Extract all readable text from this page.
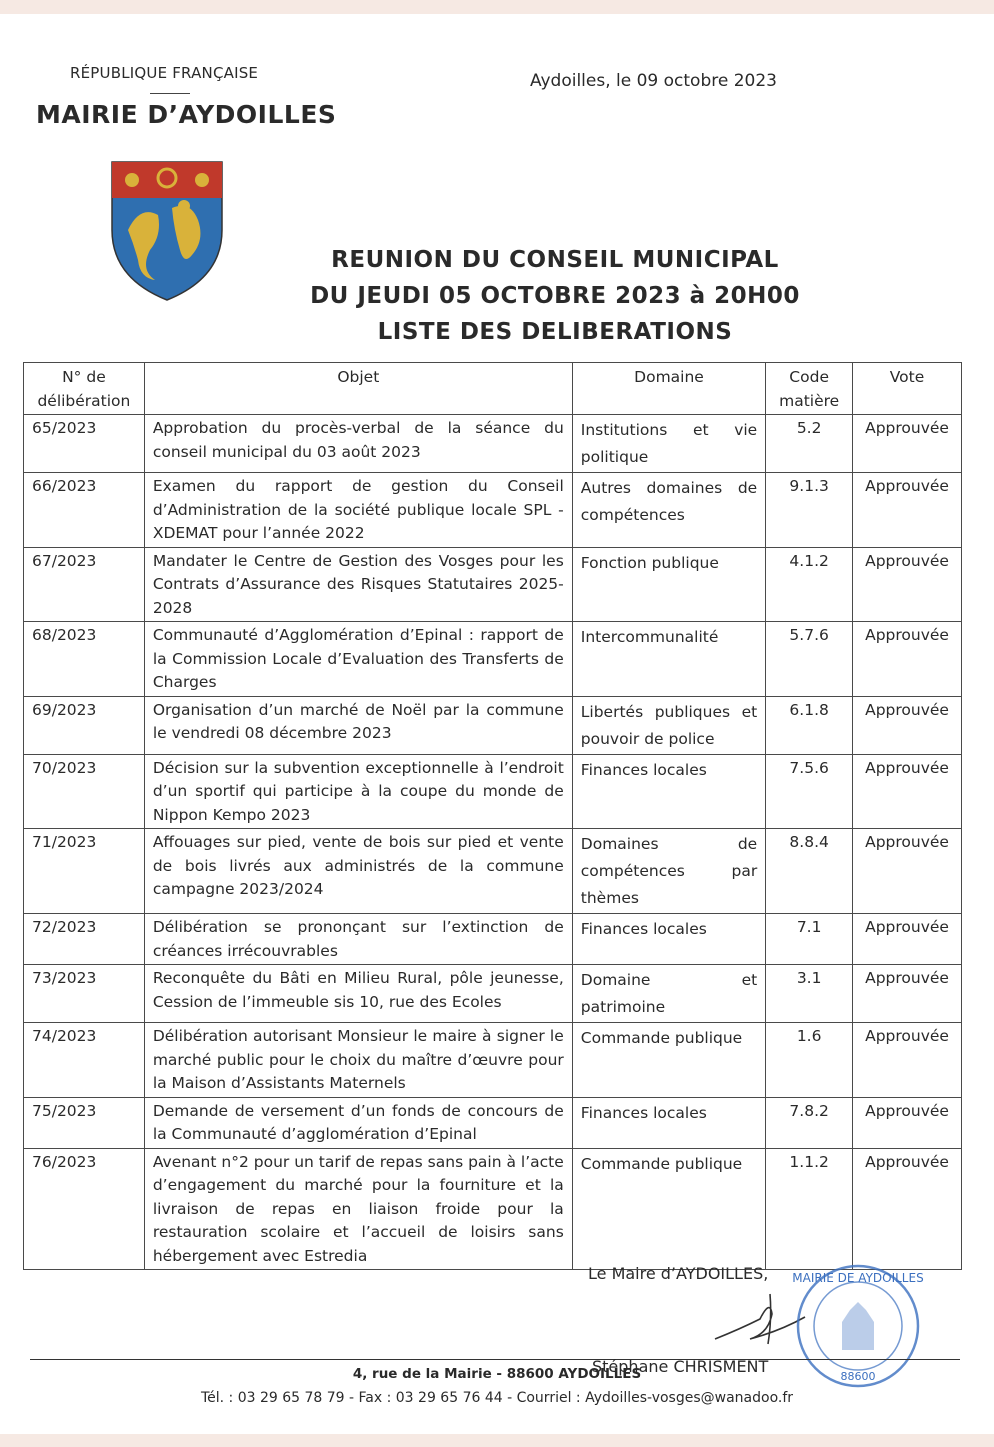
RÉPUBLIQUE FRANÇAISE
MAIRIE D’AYDOILLES
Aydoilles, le 09 octobre 2023
REUNION DU CONSEIL MUNICIPAL
DU JEUDI 05 OCTOBRE 2023 à 20H00
LISTE DES DELIBERATIONS
N° de délibération	Objet	Domaine	Code matière	Vote
65/2023	Approbation du procès-verbal de la séance du conseil municipal du 03 août 2023	Institutions et vie politique	5.2	Approuvée
66/2023	Examen du rapport de gestion du Conseil d’Administration de la société publique locale SPL - XDEMAT pour l’année 2022	Autres domaines de compétences	9.1.3	Approuvée
67/2023	Mandater le Centre de Gestion des Vosges pour les Contrats d’Assurance des Risques Statutaires 2025-2028	Fonction publique	4.1.2	Approuvée
68/2023	Communauté d’Agglomération d’Epinal : rapport de la Commission Locale d’Evaluation des Transferts de Charges	Intercommunalité	5.7.6	Approuvée
69/2023	Organisation d’un marché de Noël par la commune le vendredi 08 décembre 2023	Libertés publiques et pouvoir de police	6.1.8	Approuvée
70/2023	Décision sur la subvention exceptionnelle à l’endroit d’un sportif qui participe à la coupe du monde de Nippon Kempo 2023	Finances locales	7.5.6	Approuvée
71/2023	Affouages sur pied, vente de bois sur pied et vente de bois livrés aux administrés de la commune campagne 2023/2024	Domaines de compétences par thèmes	8.8.4	Approuvée
72/2023	Délibération se prononçant sur l’extinction de créances irrécouvrables	Finances locales	7.1	Approuvée
73/2023	Reconquête du Bâti en Milieu Rural, pôle jeunesse, Cession de l’immeuble sis 10, rue des Ecoles	Domaine et patrimoine	3.1	Approuvée
74/2023	Délibération autorisant Monsieur le maire à signer le marché public pour le choix du maître d’œuvre pour la Maison d’Assistants Maternels	Commande publique	1.6	Approuvée
75/2023	Demande de versement d’un fonds de concours de la Communauté d’agglomération d’Epinal	Finances locales	7.8.2	Approuvée
76/2023	Avenant n°2 pour un tarif de repas sans pain à l’acte d’engagement du marché pour la fourniture et la livraison de repas en liaison froide pour la restauration scolaire et l’accueil de loisirs sans hébergement avec Estredia	Commande publique	1.1.2	Approuvée
Le Maire d’AYDOILLES, MAIRIE DE AYDOILLES
88600
Stéphane CHRISMENT
4, rue de la Mairie - 88600 AYDOILLES
Tél. : 03 29 65 78 79 - Fax : 03 29 65 76 44 - Courriel : Aydoilles-vosges@wanadoo.fr
